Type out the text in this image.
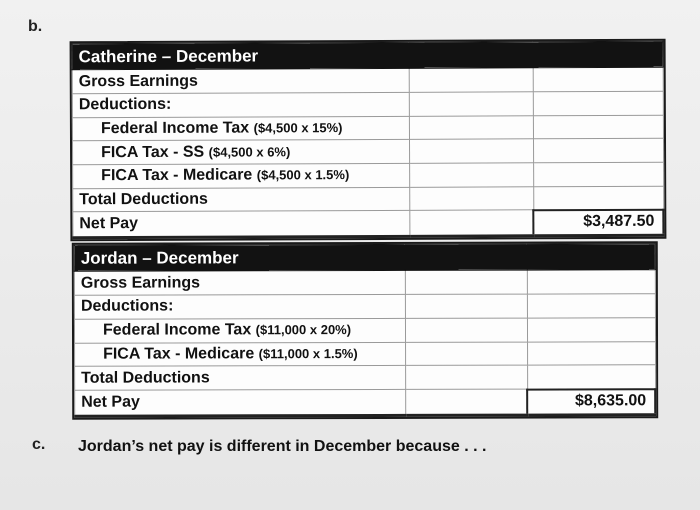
b.
Catherine – December		
Gross Earnings		
Deductions:		
Federal Income Tax ($4,500 x 15%)		
FICA Tax - SS ($4,500 x 6%)		
FICA Tax - Medicare ($4,500 x 1.5%)		
Total Deductions		
Net Pay		$3,487.50
Jordan – December		
Gross Earnings		
Deductions:		
Federal Income Tax ($11,000 x 20%)		
FICA Tax - Medicare ($11,000 x 1.5%)		
Total Deductions		
Net Pay		$8,635.00
c. Jordan’s net pay is different in December because . . .
